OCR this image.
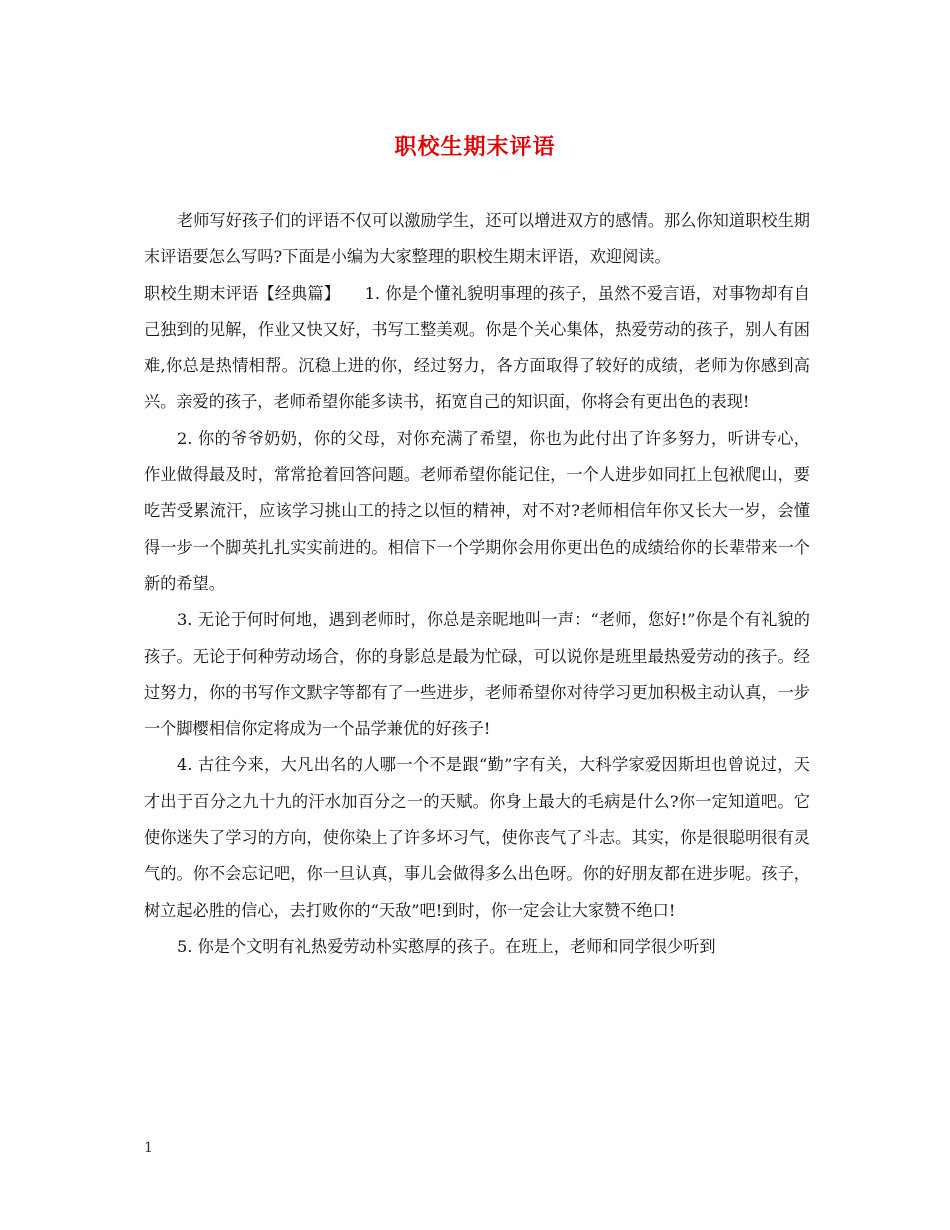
职校生期末评语

老师写好孩子们的评语不仅可以激励学生，还可以增进双方的感情。那么你知道职校生期末评语要怎么写吗?下面是小编为大家整理的职校生期末评语，欢迎阅读。

职校生期末评语【经典篇】　　1. 你是个懂礼貌明事理的孩子，虽然不爱言语，对事物却有自己独到的见解，作业又快又好，书写工整美观。你是个关心集体，热爱劳动的孩子，别人有困难,你总是热情相帮。沉稳上进的你，经过努力，各方面取得了较好的成绩，老师为你感到高兴。亲爱的孩子，老师希望你能多读书，拓宽自己的知识面，你将会有更出色的表现!

2. 你的爷爷奶奶，你的父母，对你充满了希望，你也为此付出了许多努力，听讲专心，作业做得最及时，常常抢着回答问题。老师希望你能记住，一个人进步如同扛上包袱爬山，要吃苦受累流汗，应该学习挑山工的持之以恒的精神，对不对?老师相信年你又长大一岁，会懂得一步一个脚英扎扎实实前进的。相信下一个学期你会用你更出色的成绩给你的长辈带来一个新的希望。

3. 无论于何时何地，遇到老师时，你总是亲昵地叫一声：“老师，您好!”你是个有礼貌的孩子。无论于何种劳动场合，你的身影总是最为忙碌，可以说你是班里最热爱劳动的孩子。经过努力，你的书写作文默字等都有了一些进步，老师希望你对待学习更加积极主动认真，一步一个脚樱相信你定将成为一个品学兼优的好孩子!

4. 古往今来，大凡出名的人哪一个不是跟“勤”字有关，大科学家爱因斯坦也曾说过，天才出于百分之九十九的汗水加百分之一的天赋。你身上最大的毛病是什么?你一定知道吧。它使你迷失了学习的方向，使你染上了许多坏习气，使你丧气了斗志。其实，你是很聪明很有灵气的。你不会忘记吧，你一旦认真，事儿会做得多么出色呀。你的好朋友都在进步呢。孩子，树立起必胜的信心，去打败你的“天敌”吧!到时，你一定会让大家赞不绝口!

5. 你是个文明有礼热爱劳动朴实憨厚的孩子。在班上，老师和同学很少听到

1
